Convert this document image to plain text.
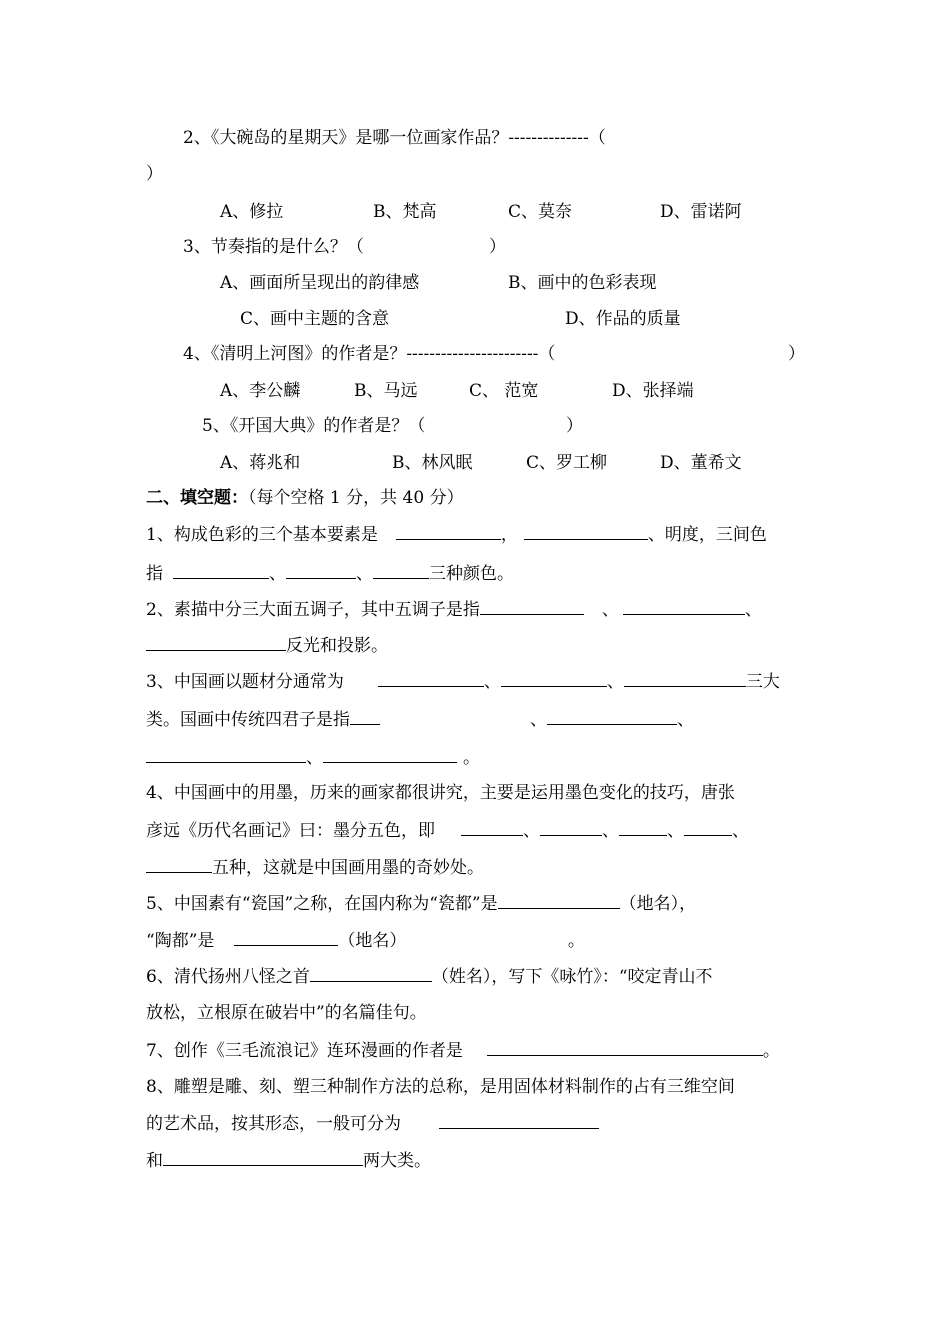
2、《大碗岛的星期天》是哪一位画家作品？--------------（
）
A、修拉	B、梵高	C、莫奈	D、雷诺阿
3、节奏指的是什么？（	）
A、画面所呈现出的韵律感	B、画中的色彩表现
C、画中主题的含意	D、作品的质量
4、《清明上河图》的作者是？-----------------------（	）
A、李公麟	B、马远	C、 范宽	D、张择端
5、《开国大典》的作者是？（	）
A、蒋兆和	B、林风眠	C、罗工柳	D、董希文
二、填空题：（每个空格 1 分，共 40 分）
1、构成色彩的三个基本要素是	，	、明度，三间色
指	、	、	三种颜色。
2、素描中分三大面五调子，其中五调子是指	、	、
反光和投影。
3、中国画以题材分通常为	、	、	三大
类。国画中传统四君子是指	、	、
、	。
4、中国画中的用墨，历来的画家都很讲究，主要是运用墨色变化的技巧，唐张
彦远《历代名画记》曰：墨分五色，即	、	、	、	、
五种，这就是中国画用墨的奇妙处。
5、中国素有“瓷国”之称，在国内称为“瓷都”是	（地名），
“陶都”是	（地名）	。
6、清代扬州八怪之首	（姓名），写下《咏竹》：“咬定青山不
放松，立根原在破岩中”的名篇佳句。
7、创作《三毛流浪记》连环漫画的作者是	。
8、雕塑是雕、刻、塑三种制作方法的总称，是用固体材料制作的占有三维空间
的艺术品，按其形态，一般可分为
和	两大类。
